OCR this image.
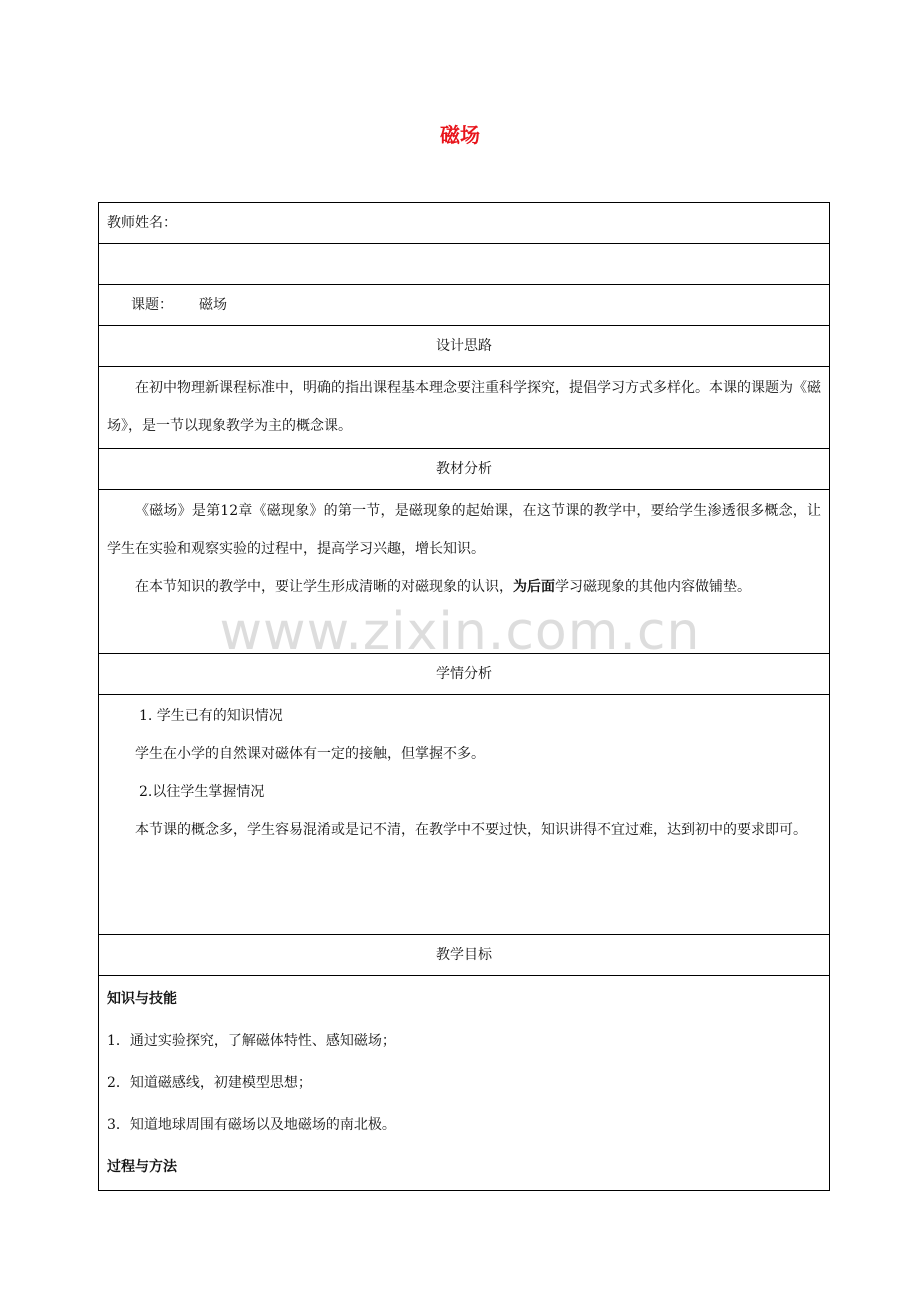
磁场
教师姓名：

课题： 磁场
设计思路

在初中物理新课程标准中，明确的指出课程基本理念要注重科学探究，提倡学习方式多样化。本课的课题为《磁场》，是一节以现象教学为主的概念课。

教材分析

《磁场》是第12章《磁现象》的第一节，是磁现象的起始课，在这节课的教学中，要给学生渗透很多概念，让学生在实验和观察实验的过程中，提高学习兴趣，增长知识。

在本节知识的教学中，要让学生形成清晰的对磁现象的认识，为后面学习磁现象的其他内容做铺垫。

学情分析

1. 学生已有的知识情况

学生在小学的自然课对磁体有一定的接触，但掌握不多。

2.以往学生掌握情况

本节课的概念多，学生容易混淆或是记不清，在教学中不要过快，知识讲得不宜过难，达到初中的要求即可。

教学目标

知识与技能

1．通过实验探究，了解磁体特性、感知磁场；

2．知道磁感线，初建模型思想；

3．知道地球周围有磁场以及地磁场的南北极。

过程与方法

www.zixin.com.cn
